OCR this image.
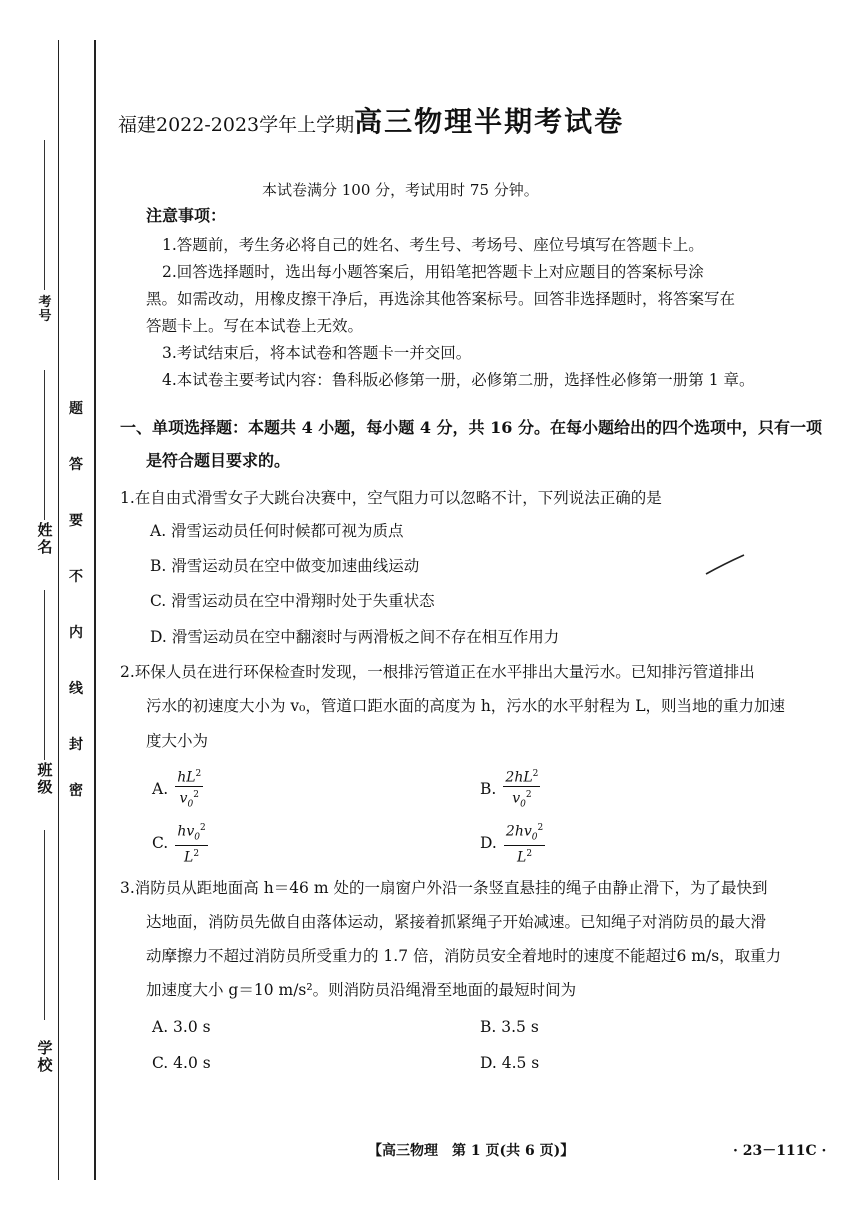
考号
姓名
班级
学校
题
答
要
不
内
线
封
密
福建2022-2023学年上学期高三物理半期考试卷
本试卷满分 100 分，考试用时 75 分钟。
注意事项：
1.答题前，考生务必将自己的姓名、考生号、考场号、座位号填写在答题卡上。
2.回答选择题时，选出每小题答案后，用铅笔把答题卡上对应题目的答案标号涂
黑。如需改动，用橡皮擦干净后，再选涂其他答案标号。回答非选择题时，将答案写在
答题卡上。写在本试卷上无效。
3.考试结束后，将本试卷和答题卡一并交回。
4.本试卷主要考试内容：鲁科版必修第一册，必修第二册，选择性必修第一册第 1 章。
一、单项选择题：本题共 4 小题，每小题 4 分，共 16 分。在每小题给出的四个选项中，只有一项
是符合题目要求的。
1.在自由式滑雪女子大跳台决赛中，空气阻力可以忽略不计，下列说法正确的是
A. 滑雪运动员任何时候都可视为质点
B. 滑雪运动员在空中做变加速曲线运动
C. 滑雪运动员在空中滑翔时处于失重状态
D. 滑雪运动员在空中翻滚时与两滑板之间不存在相互作用力
2.环保人员在进行环保检查时发现，一根排污管道正在水平排出大量污水。已知排污管道排出
污水的初速度大小为 v₀，管道口距水面的高度为 h，污水的水平射程为 L，则当地的重力加速
度大小为
A. $\frac{hL^2}{v_0^2}$	B. $\frac{2hL^2}{v_0^2}$
C. $\frac{hv_0^2}{L^2}$	D. $\frac{2hv_0^2}{L^2}$
3.消防员从距地面高 h＝46 m 处的一扇窗户外沿一条竖直悬挂的绳子由静止滑下，为了最快到
达地面，消防员先做自由落体运动，紧接着抓紧绳子开始减速。已知绳子对消防员的最大滑
动摩擦力不超过消防员所受重力的 1.7 倍，消防员安全着地时的速度不能超过6 m/s，取重力
加速度大小 g＝10 m/s²。则消防员沿绳滑至地面的最短时间为
A. 3.0 s	B. 3.5 s
C. 4.0 s	D. 4.5 s
【高三物理　第 1 页(共 6 页)】	· 23－111C ·
